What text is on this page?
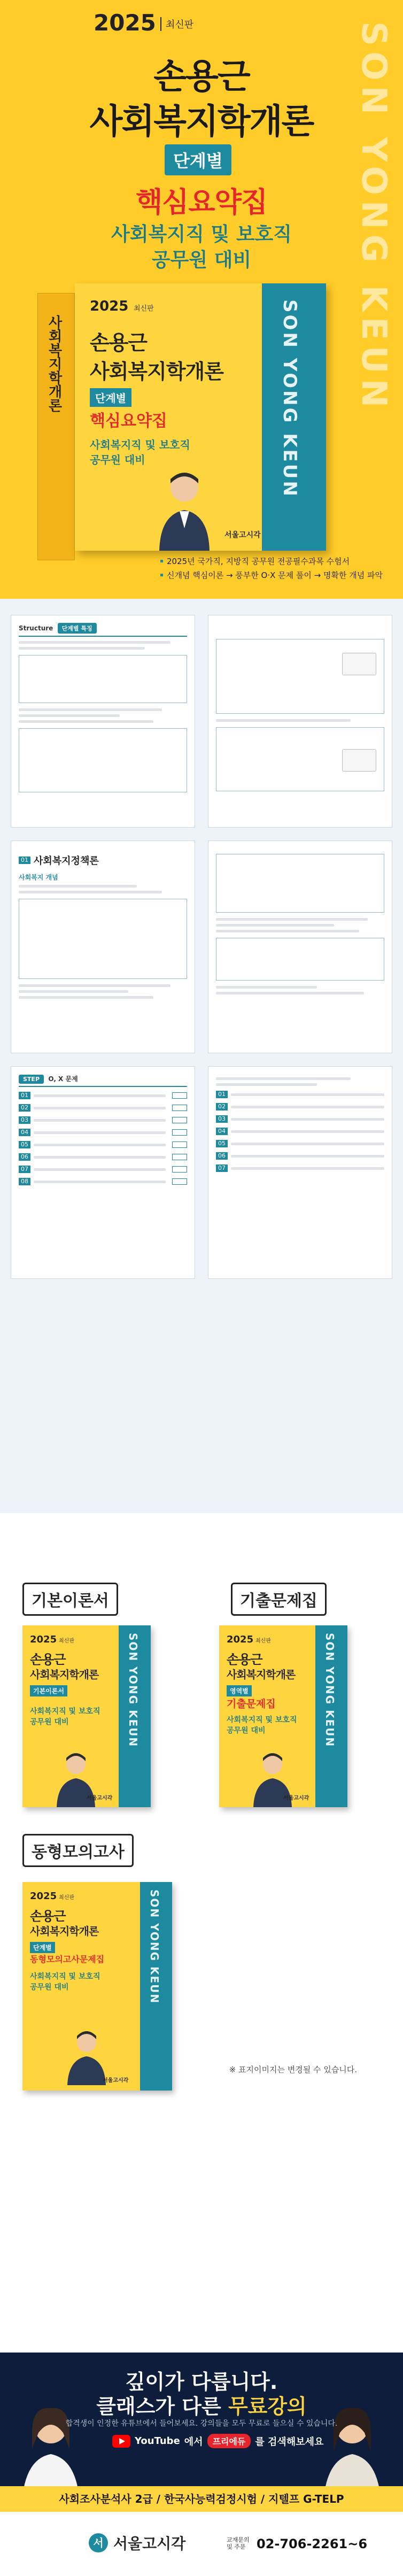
SON YONG KEUN
2025	최신판
손용근
사회복지학개론
단계별
핵심요약집
사회복지직 및 보호직
공무원 대비
사회복지학개론	SON YONG KEUN
2025 최신판
손용근
사회복지학개론
단계별
핵심요약집
사회복지직 및 보호직
공무원 대비
서울고시각
2025년 국가직, 지방직 공무원 전공필수과목 수험서
신개념 핵심이론 → 풍부한 O·X 문제 풀이 → 명확한 개념 파악
Structure 단계별 특징
01 사회복지정책론
사회복지 개념
STEP O, X 문제
01
02
03
04
05
06
07
08
01
02
03
04
05
06
07
기본이론서
SON YONG KEUN
2025 최신판
손용근
사회복지학개론
기본이론서
사회복지직 및 보호직
공무원 대비
서울고시각
기출문제집
SON YONG KEUN
2025 최신판
손용근
사회복지학개론
영역별
기출문제집
사회복지직 및 보호직
공무원 대비
서울고시각
동형모의고사
SON YONG KEUN
2025 최신판
손용근
사회복지학개론
단계별
동형모의고사문제집
사회복지직 및 보호직
공무원 대비
서울고시각
※ 표지이미지는 변경될 수 있습니다.
깊이가 다릅니다.
클래스가 다른 무료강의
합격생이 인정한 유튜브에서 들어보세요. 강의들을 모두 무료로 들으실 수 있습니다.
YouTube 에서	프리에듀	를 검색해보세요
사회조사분석사 2급 / 한국사능력검정시험 / 지텔프 G-TELP
서 서울고시각	교재문의 및 주문 02-706-2261~6
